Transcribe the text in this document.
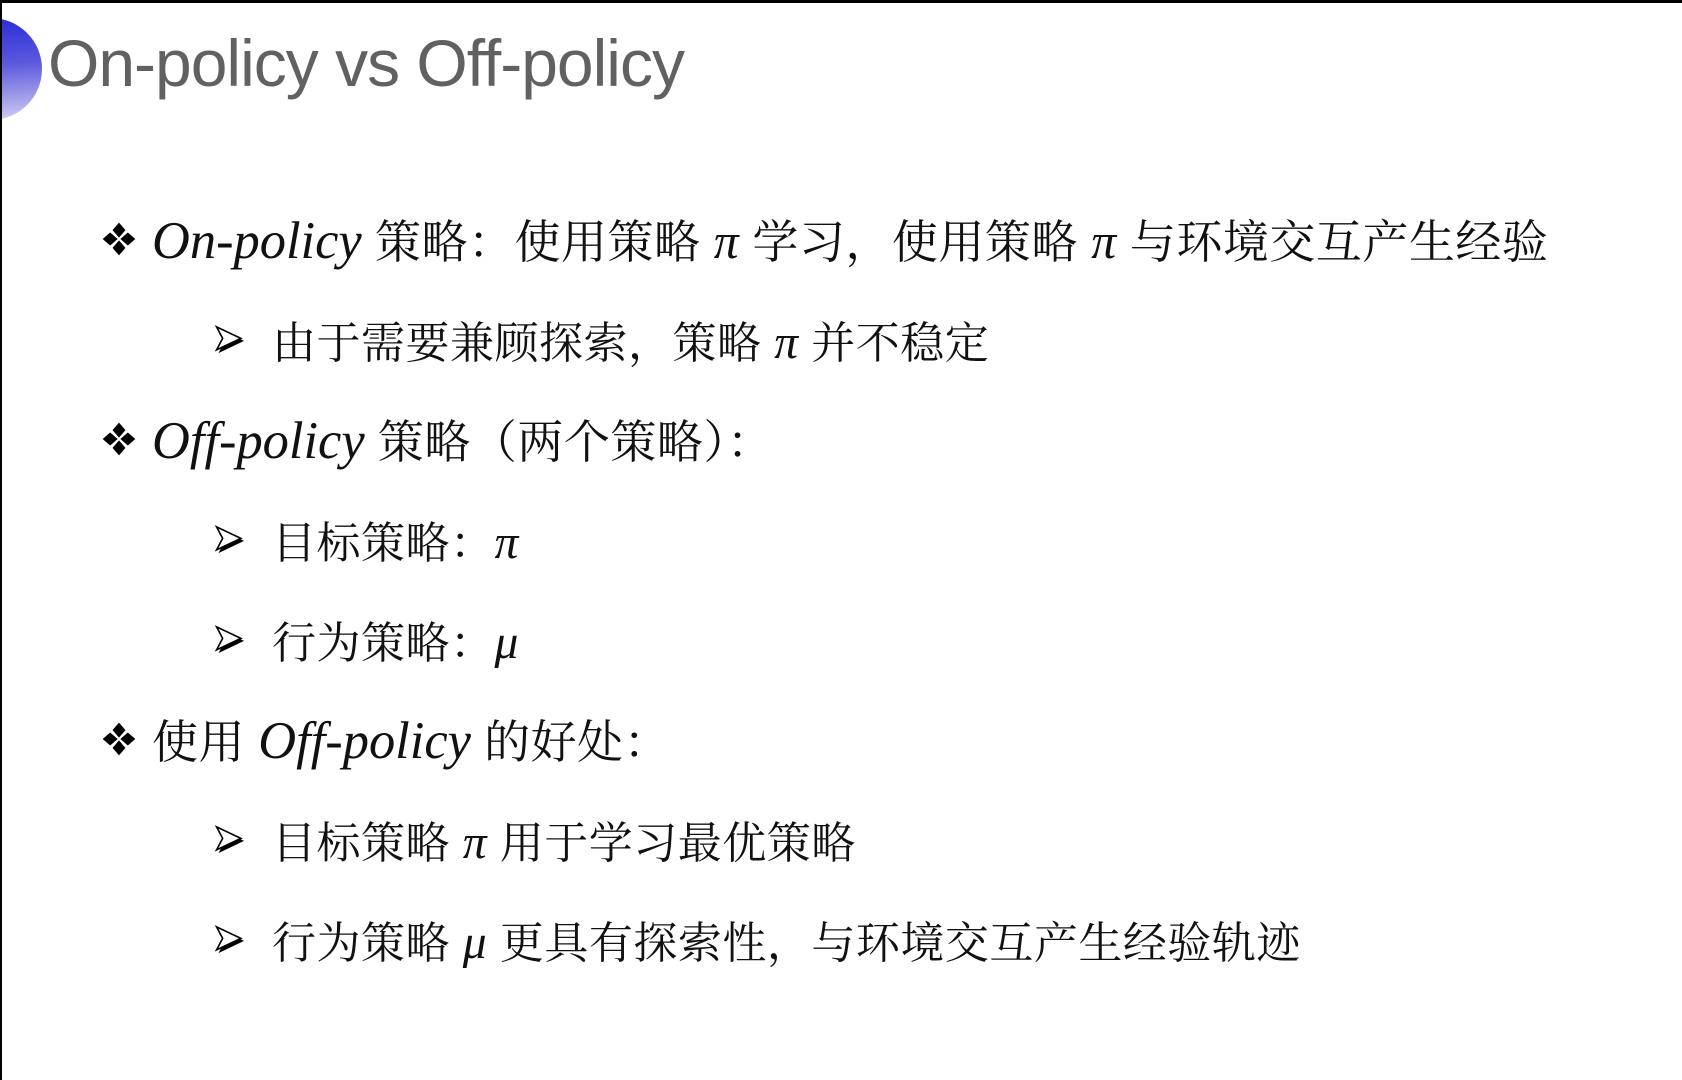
On-policy vs Off-policy
On-policy 策略：使用策略 π 学习，使用策略 π 与环境交互产生经验
由于需要兼顾探索，策略 π 并不稳定
Off-policy 策略（两个策略）：
目标策略：π
行为策略：μ
使用 Off-policy 的好处：
目标策略 π 用于学习最优策略
行为策略 μ 更具有探索性，与环境交互产生经验轨迹
